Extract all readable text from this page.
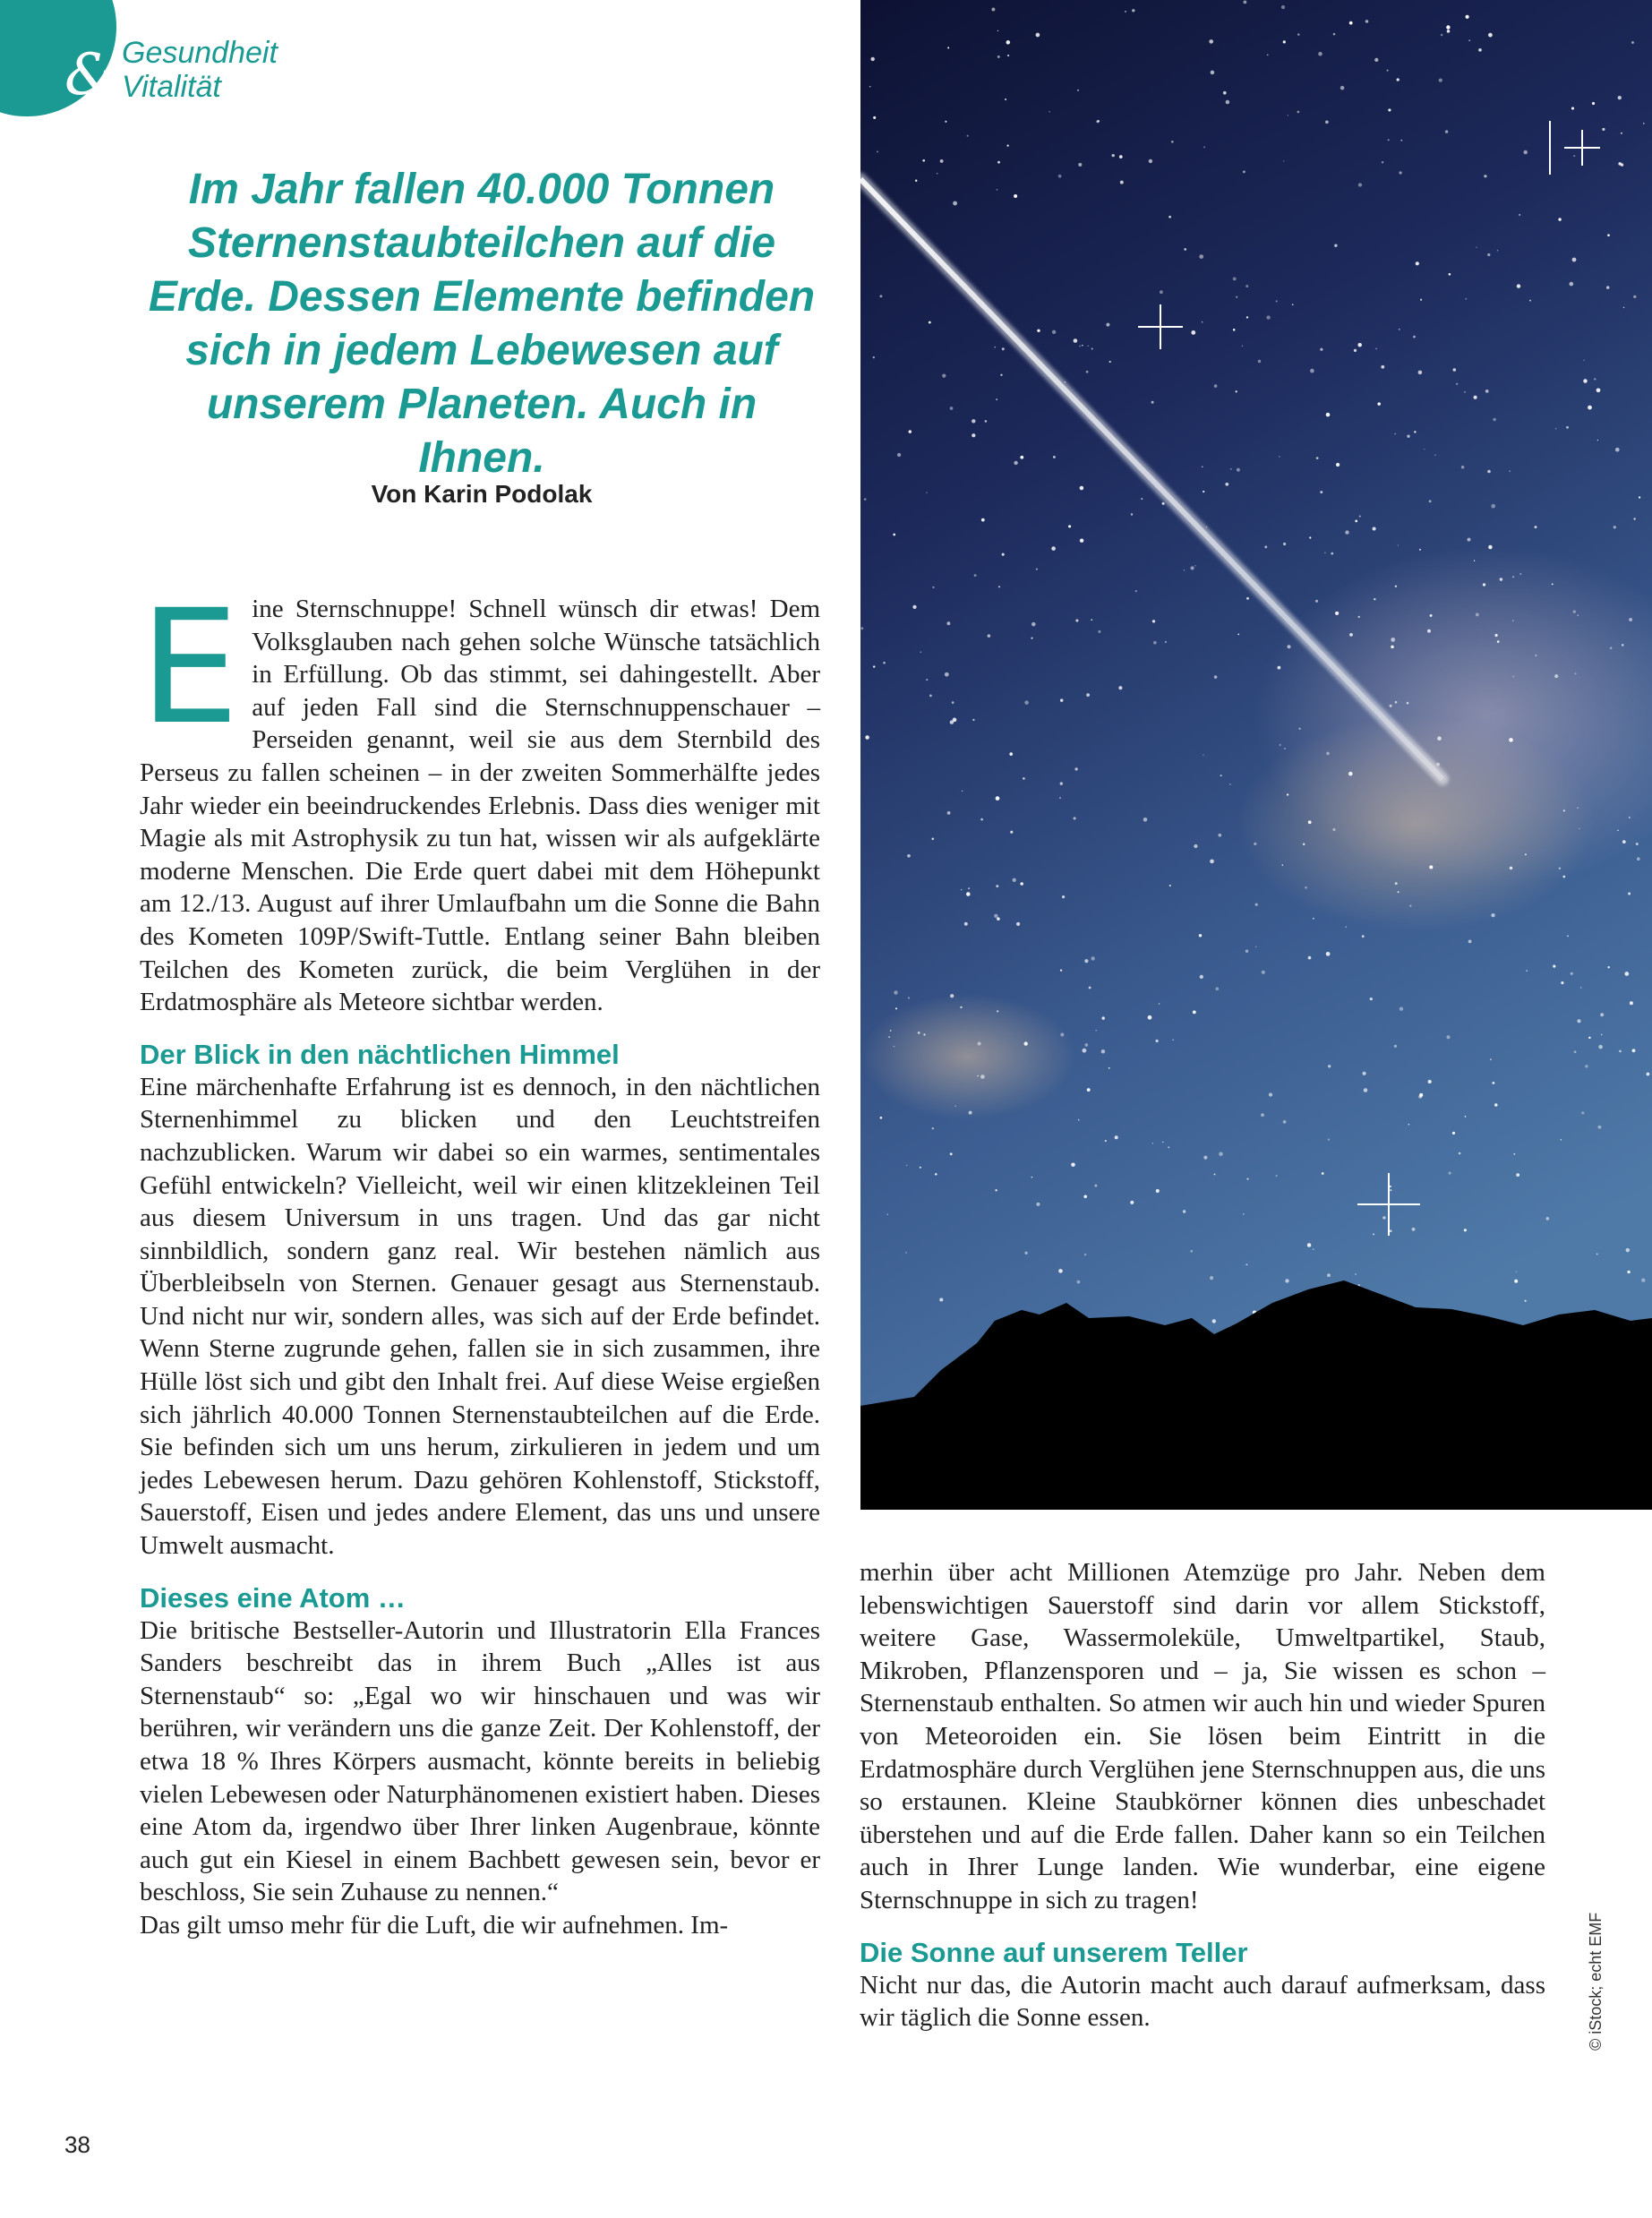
& Gesundheit
Vitalität
Im Jahr fallen 40.000 Tonnen Sternenstaubteilchen auf die Erde. Dessen Elemente befinden sich in jedem Lebewesen auf unserem Planeten. Auch in Ihnen.
Von Karin Podolak
E ine Sternschnuppe! Schnell wünsch dir etwas! Dem Volksglauben nach gehen solche Wünsche tatsächlich in Erfüllung. Ob das stimmt, sei dahingestellt. Aber auf jeden Fall sind die Sternschnuppenschauer – Perseiden genannt, weil sie aus dem Sternbild des Perseus zu fallen scheinen – in der zweiten Sommerhälfte jedes Jahr wieder ein beeindruckendes Erlebnis. Dass dies weniger mit Magie als mit Astrophysik zu tun hat, wissen wir als aufgeklärte moderne Menschen. Die Erde quert dabei mit dem Höhepunkt am 12./13. August auf ihrer Umlaufbahn um die Sonne die Bahn des Kometen 109P/Swift-Tuttle. Entlang seiner Bahn bleiben Teilchen des Kometen zurück, die beim Verglühen in der Erdatmosphäre als Meteore sichtbar werden.

Der Blick in den nächtlichen Himmel

Eine märchenhafte Erfahrung ist es dennoch, in den nächtlichen Sternenhimmel zu blicken und den Leuchtstreifen nachzublicken. Warum wir dabei so ein warmes, sentimentales Gefühl entwickeln? Vielleicht, weil wir einen klitzekleinen Teil aus diesem Universum in uns tragen. Und das gar nicht sinnbildlich, sondern ganz real. Wir bestehen nämlich aus Überbleibseln von Sternen. Genauer gesagt aus Sternenstaub. Und nicht nur wir, sondern alles, was sich auf der Erde befindet. Wenn Sterne zugrunde gehen, fallen sie in sich zusammen, ihre Hülle löst sich und gibt den Inhalt frei. Auf diese Weise ergießen sich jährlich 40.000 Tonnen Sternenstaubteilchen auf die Erde. Sie befinden sich um uns herum, zirkulieren in jedem und um jedes Lebewesen herum. Dazu gehören Kohlenstoff, Stickstoff, Sauerstoff, Eisen und jedes andere Element, das uns und unsere Umwelt ausmacht.

Dieses eine Atom …

Die britische Bestseller-Autorin und Illustratorin Ella Frances Sanders beschreibt das in ihrem Buch „Alles ist aus Sternenstaub“ so: „Egal wo wir hinschauen und was wir berühren, wir verändern uns die ganze Zeit. Der Kohlenstoff, der etwa 18 % Ihres Körpers ausmacht, könnte bereits in beliebig vielen Lebewesen oder Naturphänomenen existiert haben. Dieses eine Atom da, irgendwo über Ihrer linken Augenbraue, könnte auch gut ein Kiesel in einem Bachbett gewesen sein, bevor er beschloss, Sie sein Zuhause zu nennen.“

Das gilt umso mehr für die Luft, die wir aufnehmen. Im-

merhin über acht Millionen Atemzüge pro Jahr. Neben dem lebenswichtigen Sauerstoff sind darin vor allem Stickstoff, weitere Gase, Wassermoleküle, Umweltpartikel, Staub, Mikroben, Pflanzensporen und – ja, Sie wissen es schon – Sternenstaub enthalten. So atmen wir auch hin und wieder Spuren von Meteoroiden ein. Sie lösen beim Eintritt in die Erdatmosphäre durch Verglühen jene Sternschnuppen aus, die uns so erstaunen. Kleine Staubkörner können dies unbeschadet überstehen und auf die Erde fallen. Daher kann so ein Teilchen auch in Ihrer Lunge landen. Wie wunderbar, eine eigene Sternschnuppe in sich zu tragen!

Die Sonne auf unserem Teller

Nicht nur das, die Autorin macht auch darauf aufmerksam, dass wir täglich die Sonne essen.	© iStock; echt EMF
38
